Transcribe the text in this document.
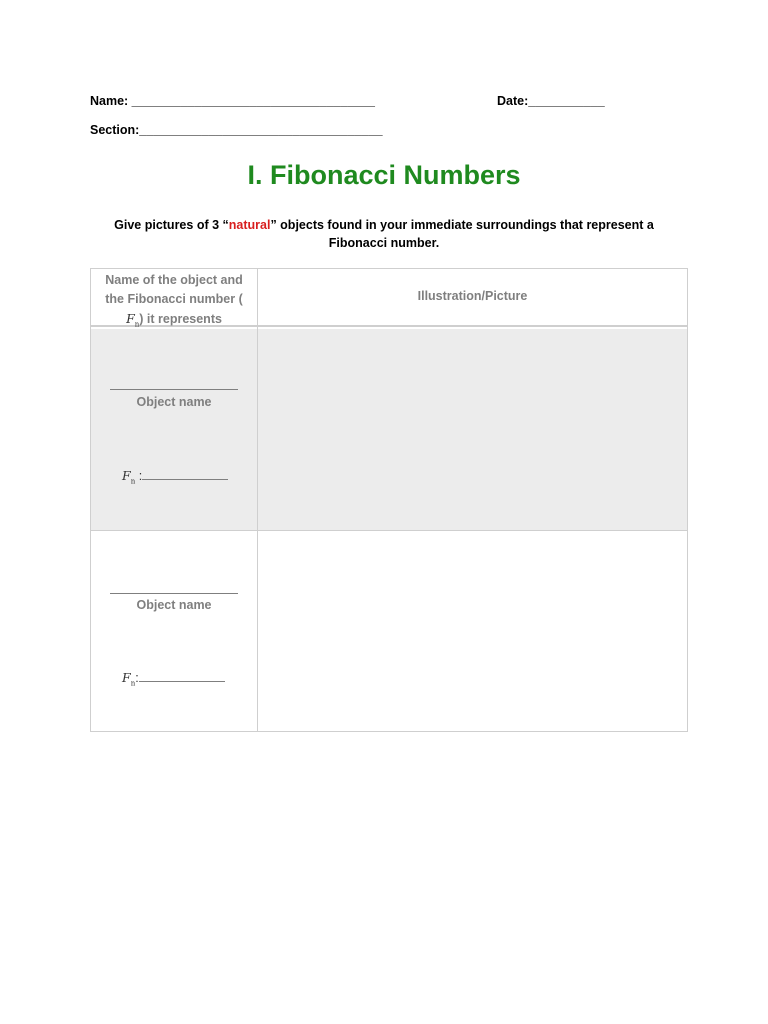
Name: ___________________________________	Date:___________
Section:___________________________________
I. Fibonacci Numbers
Give pictures of 3 “natural” objects found in your immediate surroundings that represent a Fibonacci number.
Name of the object and
the Fibonacci number (
$F_n$) it represents
Illustration/Picture
Object name
$F_n$ :
Object name
$F_n$:
